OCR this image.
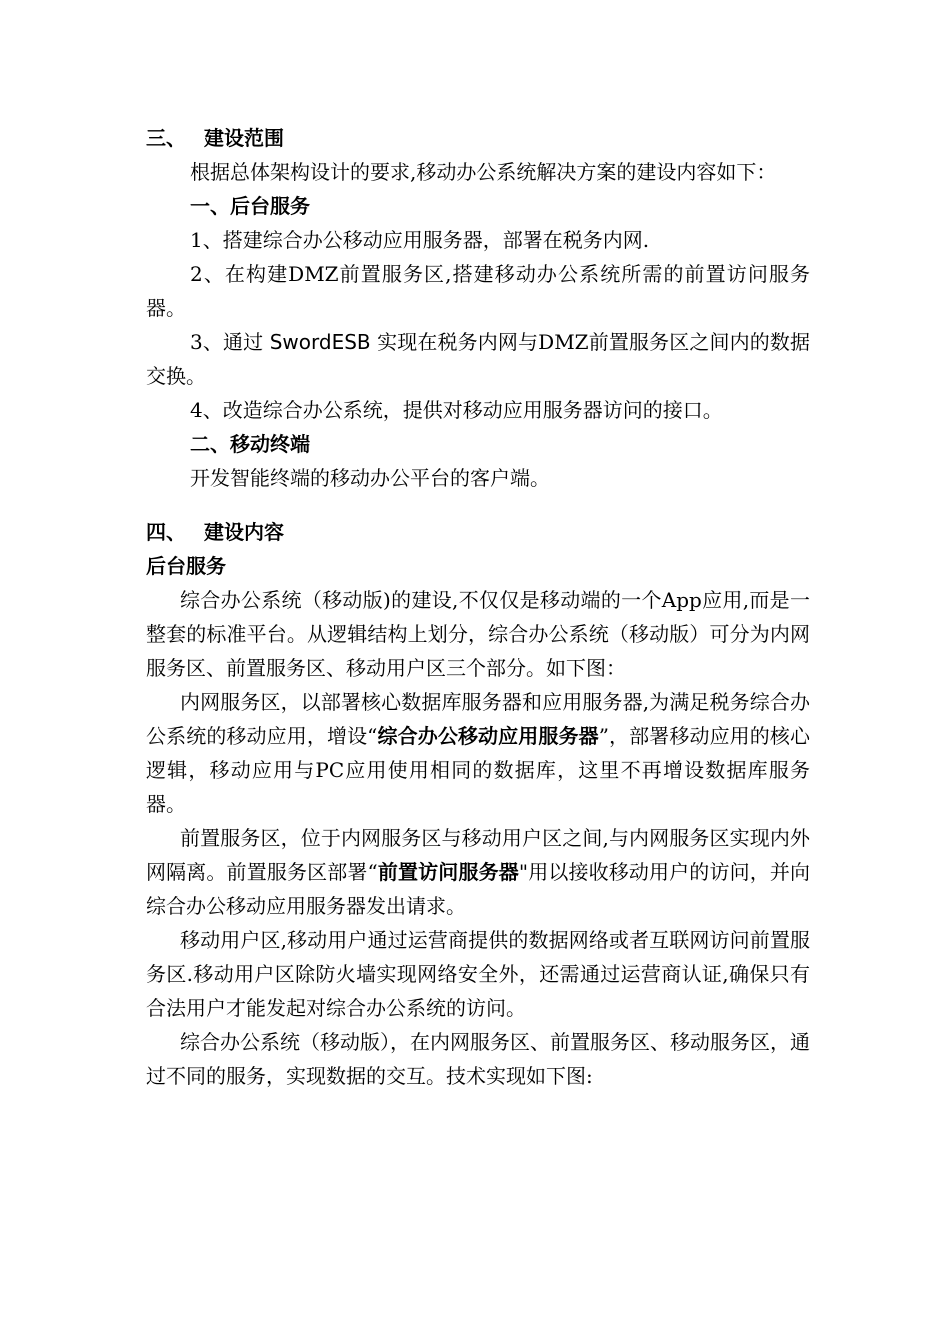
三、 建设范围

根据总体架构设计的要求,移动办公系统解决方案的建设内容如下：

一、后台服务

1、搭建综合办公移动应用服务器，部署在税务内网.

2、在构建DMZ前置服务区,搭建移动办公系统所需的前置访问服务器。

3、通过 SwordESB 实现在税务内网与DMZ前置服务区之间内的数据交换。

4、改造综合办公系统，提供对移动应用服务器访问的接口。

二、移动终端

开发智能终端的移动办公平台的客户端。

四、 建设内容
后台服务

综合办公系统（移动版)的建设,不仅仅是移动端的一个App应用,而是一整套的标准平台。从逻辑结构上划分，综合办公系统（移动版）可分为内网服务区、前置服务区、移动用户区三个部分。如下图：

内网服务区，以部署核心数据库服务器和应用服务器,为满足税务综合办公系统的移动应用，增设“综合办公移动应用服务器”，部署移动应用的核心逻辑，移动应用与PC应用使用相同的数据库，这里不再增设数据库服务器。

前置服务区，位于内网服务区与移动用户区之间,与内网服务区实现内外网隔离。前置服务区部署“前置访问服务器"用以接收移动用户的访问，并向综合办公移动应用服务器发出请求。

移动用户区,移动用户通过运营商提供的数据网络或者互联网访问前置服务区.移动用户区除防火墙实现网络安全外，还需通过运营商认证,确保只有合法用户才能发起对综合办公系统的访问。

综合办公系统（移动版），在内网服务区、前置服务区、移动服务区，通过不同的服务，实现数据的交互。技术实现如下图:
